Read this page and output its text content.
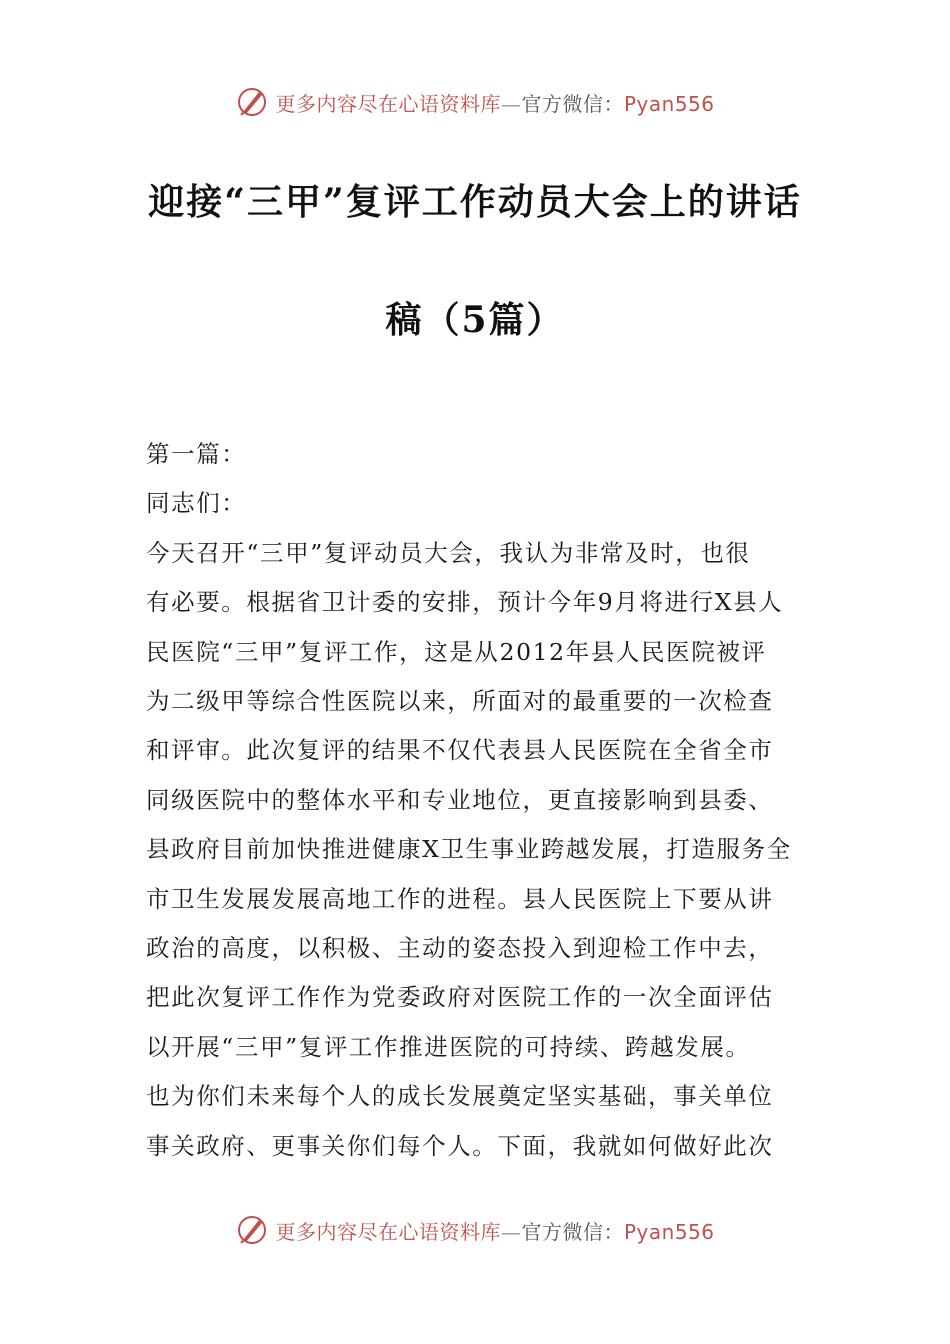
更多内容尽在心语资料库—官方微信：Pyan556
迎接“三甲”复评工作动员大会上的讲话
稿（5篇）

第一篇：

同志们：

今天召开“三甲”复评动员大会，我认为非常及时，也很
有必要。根据省卫计委的安排，预计今年9月将进行X县人
民医院“三甲”复评工作，这是从2012年县人民医院被评
为二级甲等综合性医院以来，所面对的最重要的一次检查
和评审。此次复评的结果不仅代表县人民医院在全省全市
同级医院中的整体水平和专业地位，更直接影响到县委、
县政府目前加快推进健康X卫生事业跨越发展，打造服务全
市卫生发展发展高地工作的进程。县人民医院上下要从讲
政治的高度，以积极、主动的姿态投入到迎检工作中去，
把此次复评工作作为党委政府对医院工作的一次全面评估
以开展“三甲”复评工作推进医院的可持续、跨越发展。
也为你们未来每个人的成长发展奠定坚实基础，事关单位
事关政府、更事关你们每个人。下面，我就如何做好此次

更多内容尽在心语资料库—官方微信：Pyan556
